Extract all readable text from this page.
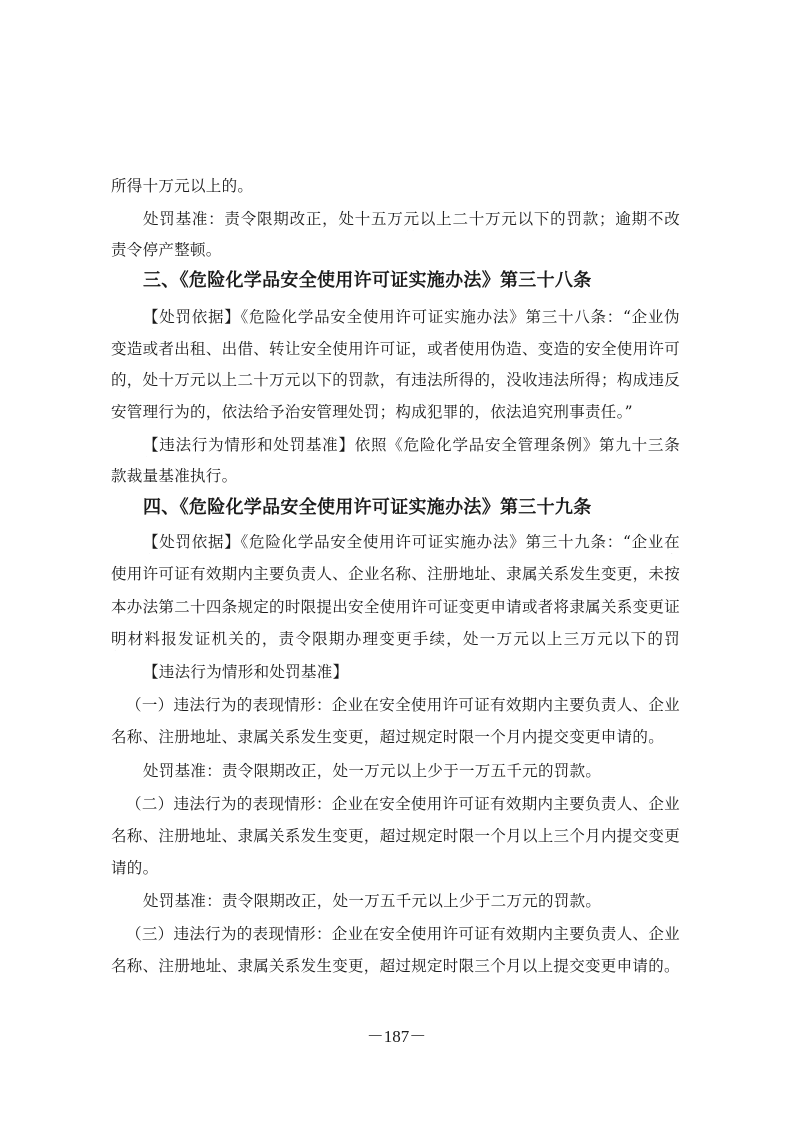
所得十万元以上的。
处罚基准：责令限期改正，处十五万元以上二十万元以下的罚款；逾期不改
责令停产整顿。
三、《危险化学品安全使用许可证实施办法》第三十八条
【处罚依据】《危险化学品安全使用许可证实施办法》第三十八条：“企业伪
变造或者出租、出借、转让安全使用许可证，或者使用伪造、变造的安全使用许可
的，处十万元以上二十万元以下的罚款，有违法所得的，没收违法所得；构成违反
安管理行为的，依法给予治安管理处罚；构成犯罪的，依法追究刑事责任。”
【违法行为情形和处罚基准】依照《危险化学品安全管理条例》第九十三条
款裁量基准执行。
四、《危险化学品安全使用许可证实施办法》第三十九条
【处罚依据】《危险化学品安全使用许可证实施办法》第三十九条：“企业在
使用许可证有效期内主要负责人、企业名称、注册地址、隶属关系发生变更，未按
本办法第二十四条规定的时限提出安全使用许可证变更申请或者将隶属关系变更证
明材料报发证机关的，责令限期办理变更手续，处一万元以上三万元以下的罚
【违法行为情形和处罚基准】
（一）违法行为的表现情形：企业在安全使用许可证有效期内主要负责人、企业
名称、注册地址、隶属关系发生变更，超过规定时限一个月内提交变更申请的。
处罚基准：责令限期改正，处一万元以上少于一万五千元的罚款。
（二）违法行为的表现情形：企业在安全使用许可证有效期内主要负责人、企业
名称、注册地址、隶属关系发生变更，超过规定时限一个月以上三个月内提交变更
请的。
处罚基准：责令限期改正，处一万五千元以上少于二万元的罚款。
（三）违法行为的表现情形：企业在安全使用许可证有效期内主要负责人、企业
名称、注册地址、隶属关系发生变更，超过规定时限三个月以上提交变更申请的。
－187－
